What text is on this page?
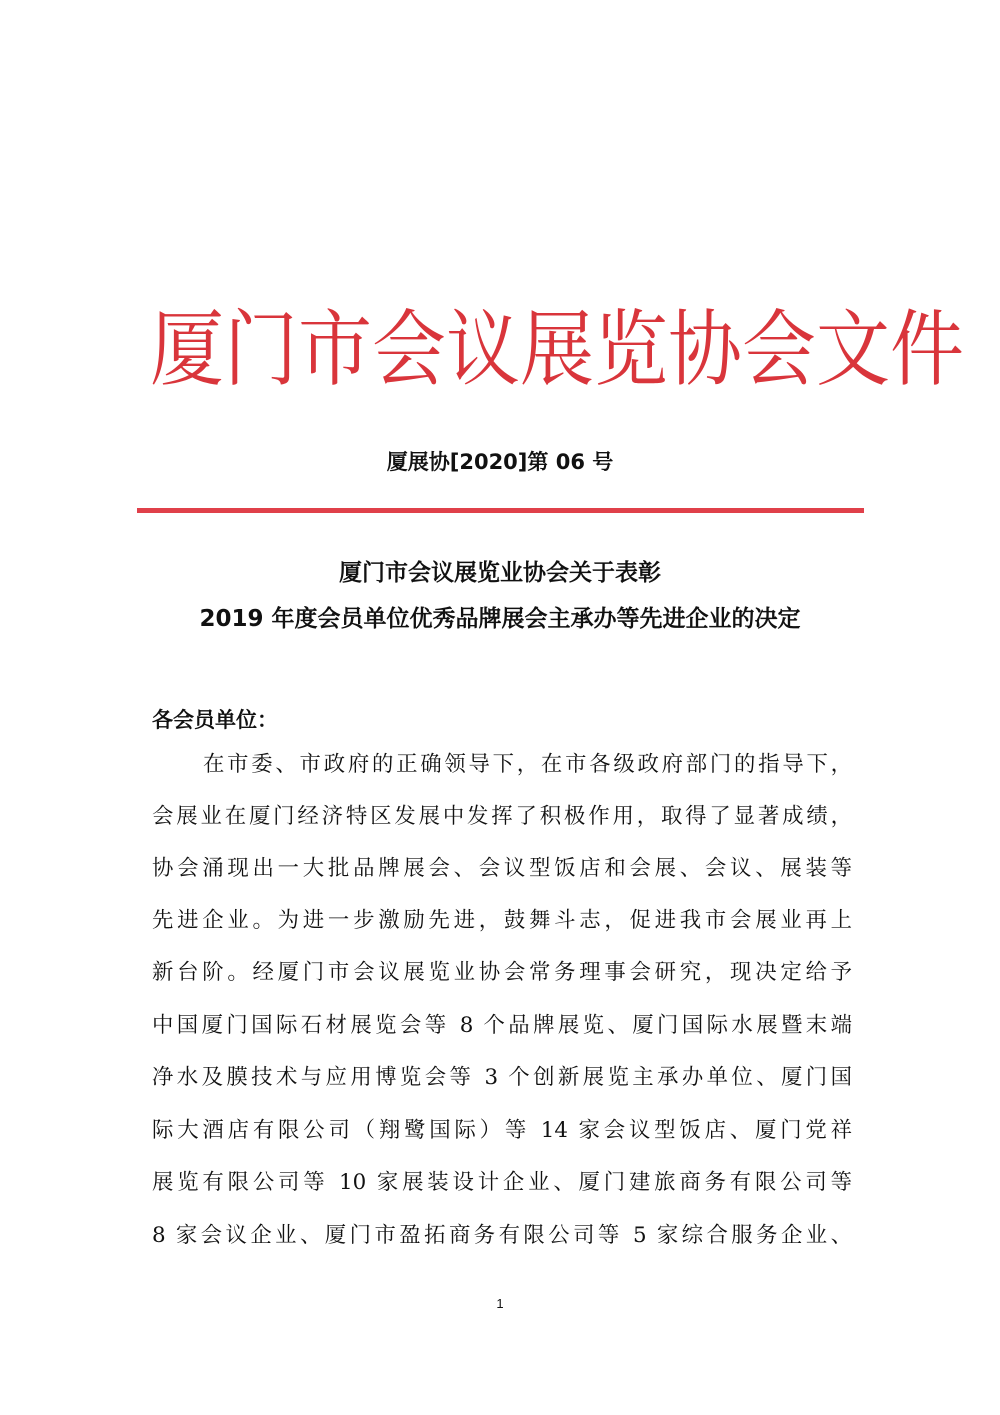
厦 门 市 会 议 展 览 协 会 文 件
厦展协[2020]第 06 号
厦门市会议展览业协会关于表彰
2019 年度会员单位优秀品牌展会主承办等先进企业的决定
各会员单位：
在市委、市政府的正确领导下，在市各级政府部门的指导下，
会展业在厦门经济特区发展中发挥了积极作用，取得了显著成绩，
协会涌现出一大批品牌展会、会议型饭店和会展、会议、展装等
先进企业。为进一步激励先进，鼓舞斗志，促进我市会展业再上
新台阶。经厦门市会议展览业协会常务理事会研究，现决定给予
中国厦门国际石材展览会等 8 个品牌展览、厦门国际水展暨末端
净水及膜技术与应用博览会等 3 个创新展览主承办单位、厦门国
际大酒店有限公司（翔鹭国际）等 14 家会议型饭店、厦门党祥
展览有限公司等 10 家展装设计企业、厦门建旅商务有限公司等
8 家会议企业、厦门市盈拓商务有限公司等 5 家综合服务企业、
1
